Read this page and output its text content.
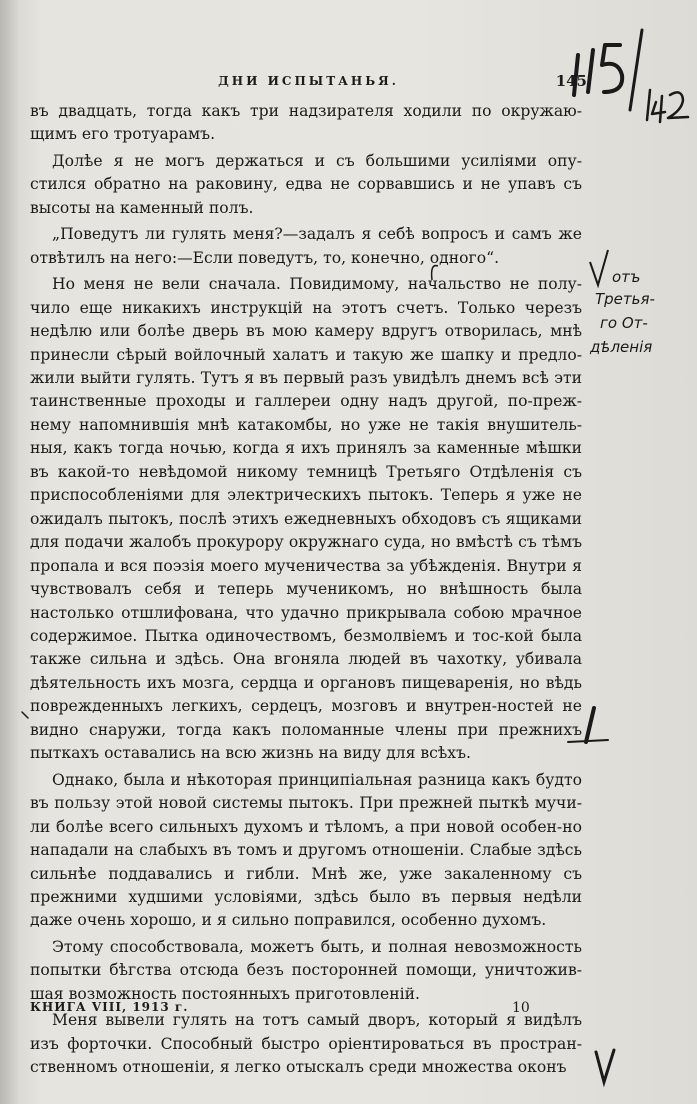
ДНИ ИСПЫТАНЬЯ.	145

въ двадцать, тогда какъ три надзирателя ходили по окружаю-щимъ его тротуарамъ.

Долѣе я не могъ держаться и съ большими усиліями опу-стился обратно на раковину, едва не сорвавшись и не упавъ съ высоты на каменный полъ.

„Поведутъ ли гулять меня?—задалъ я себѣ вопросъ и самъ же отвѣтилъ на него:—Если поведутъ, то, конечно, одного“.

Но меня не вели сначала. Повидимому, начальство не полу-чило еще никакихъ инструкцій на этотъ счетъ. Только черезъ недѣлю или болѣе дверь въ мою камеру вдругъ отворилась, мнѣ принесли сѣрый войлочный халатъ и такую же шапку и предло-жили выйти гулять. Тутъ я въ первый разъ увидѣлъ днемъ всѣ эти таинственные проходы и галлереи одну надъ другой, по-преж-нему напомнившія мнѣ катакомбы, но уже не такія внушитель-ныя, какъ тогда ночью, когда я ихъ принялъ за каменные мѣшки въ какой-то невѣдомой никому темницѣ Третьяго Отдѣленія съ приспособленіями для электрическихъ пытокъ. Теперь я уже не ожидалъ пытокъ, послѣ этихъ ежедневныхъ обходовъ съ ящиками для подачи жалобъ прокурору окружнаго суда, но вмѣстѣ съ тѣмъ пропала и вся поэзія моего мученичества за убѣжденія. Внутри я чувствовалъ себя и теперь мученикомъ, но внѣшность была настолько отшлифована, что удачно прикрывала собою мрачное содержимое. Пытка одиночествомъ, безмолвіемъ и тос-кой была также сильна и здѣсь. Она вгоняла людей въ чахотку, убивала дѣятельность ихъ мозга, сердца и органовъ пищеваренія, но вѣдь поврежденныхъ легкихъ, сердецъ, мозговъ и внутрен-ностей не видно снаружи, тогда какъ поломанные члены при прежнихъ пыткахъ оставались на всю жизнь на виду для всѣхъ.

Однако, была и нѣкоторая принципіальная разница какъ будто въ пользу этой новой системы пытокъ. При прежней пыткѣ мучи-ли болѣе всего сильныхъ духомъ и тѣломъ, а при новой особен-но нападали на слабыхъ въ томъ и другомъ отношеніи. Слабые здѣсь сильнѣе поддавались и гибли. Мнѣ же, уже закаленному съ прежними худшими условіями, здѣсь было въ первыя недѣли даже очень хорошо, и я сильно поправился, особенно духомъ.

Этому способствовала, можетъ быть, и полная невозможность попытки бѣгства отсюда безъ посторонней помощи, уничтожив-шая возможность постоянныхъ приготовленій.

Меня вывели гулять на тотъ самый дворъ, который я видѣлъ изъ форточки. Способный быстро оріентироваться въ простран-ственномъ отношеніи, я легко отыскалъ среди множества оконъ

КНИГА VIII, 1913 г.	10
отъ
Третья-
го От-
дѣленія
